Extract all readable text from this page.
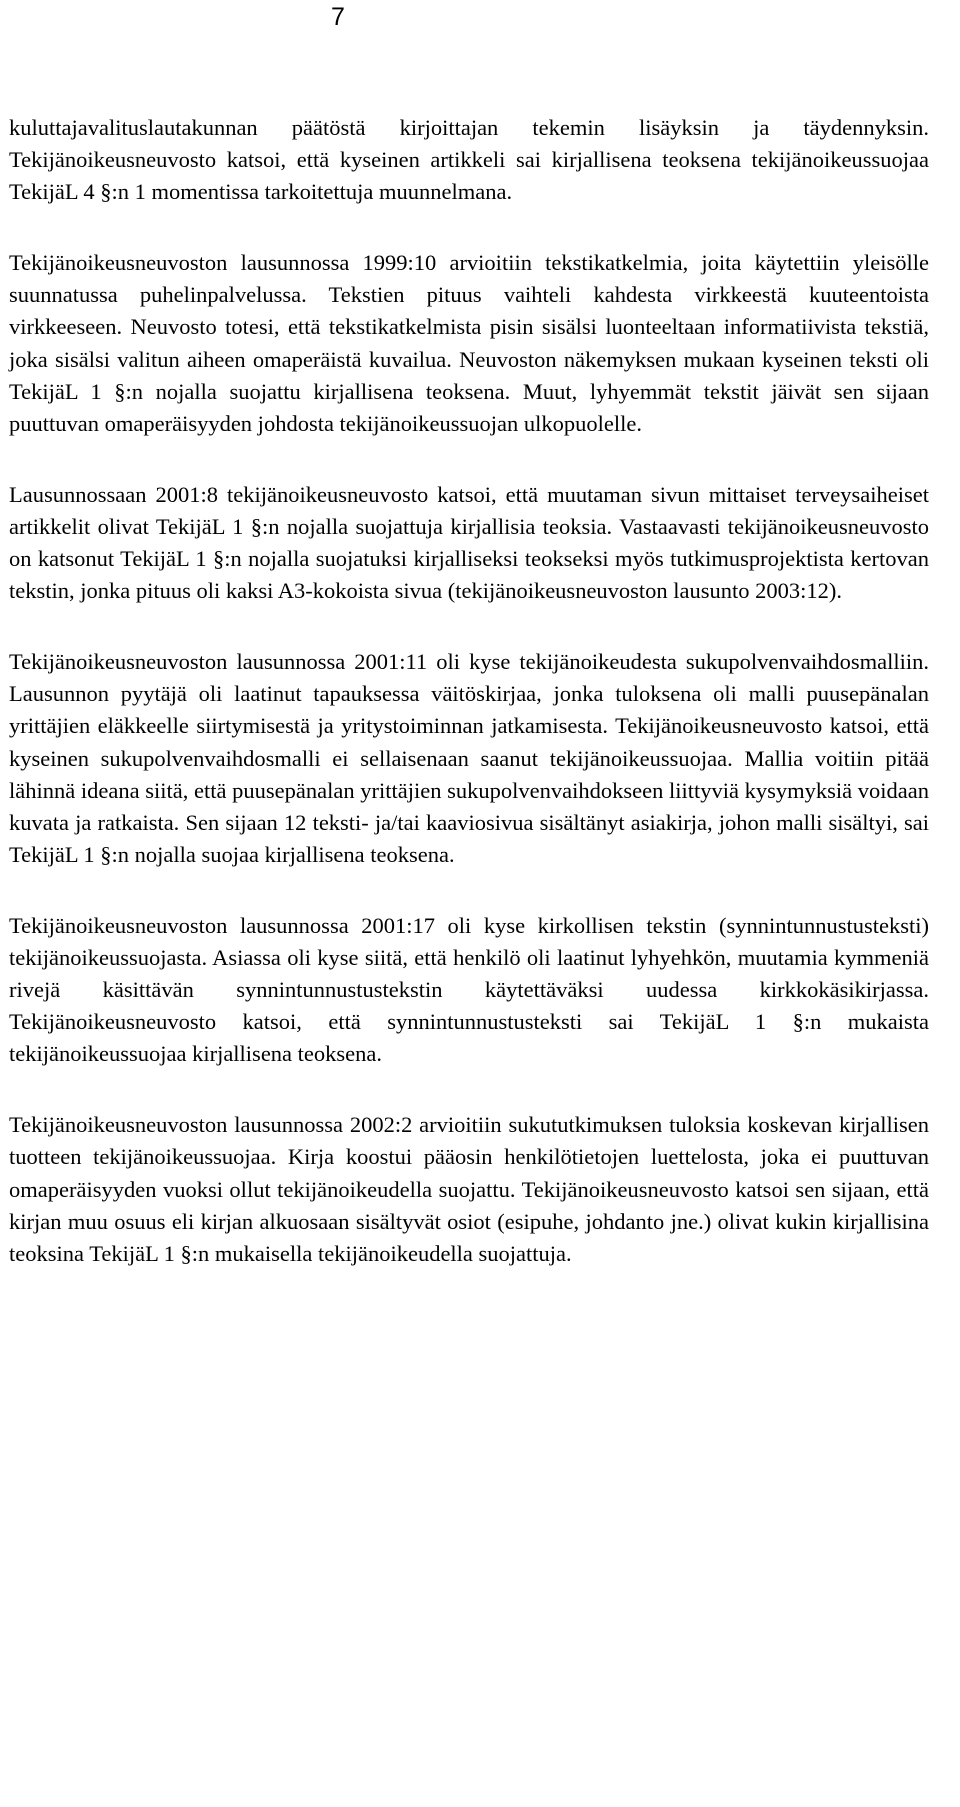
7

kuluttajavalituslautakunnan päätöstä kirjoittajan tekemin lisäyksin ja täydennyksin. Tekijänoikeusneuvosto katsoi, että kyseinen artikkeli sai kirjallisena teoksena tekijänoikeussuojaa TekijäL 4 §:n 1 momentissa tarkoitettuja muunnelmana.

Tekijänoikeusneuvoston lausunnossa 1999:10 arvioitiin tekstikatkelmia, joita käytettiin yleisölle suunnatussa puhelinpalvelussa. Tekstien pituus vaihteli kahdesta virkkeestä kuuteentoista virkkeeseen. Neuvosto totesi, että tekstikatkelmista pisin sisälsi luonteeltaan informatiivista tekstiä, joka sisälsi valitun aiheen omaperäistä kuvailua. Neuvoston näkemyksen mukaan kyseinen teksti oli TekijäL 1 §:n nojalla suojattu kirjallisena teoksena. Muut, lyhyemmät tekstit jäivät sen sijaan puuttuvan omaperäisyyden johdosta tekijänoikeussuojan ulkopuolelle.

Lausunnossaan 2001:8 tekijänoikeusneuvosto katsoi, että muutaman sivun mittaiset terveysaiheiset artikkelit olivat TekijäL 1 §:n nojalla suojattuja kirjallisia teoksia. Vastaavasti tekijänoikeusneuvosto on katsonut TekijäL 1 §:n nojalla suojatuksi kirjalliseksi teokseksi myös tutkimusprojektista kertovan tekstin, jonka pituus oli kaksi A3-kokoista sivua (tekijänoikeusneuvoston lausunto 2003:12).

Tekijänoikeusneuvoston lausunnossa 2001:11 oli kyse tekijänoikeudesta sukupolvenvaihdosmalliin. Lausunnon pyytäjä oli laatinut tapauksessa väitöskirjaa, jonka tuloksena oli malli puusepänalan yrittäjien eläkkeelle siirtymisestä ja yritystoiminnan jatkamisesta. Tekijänoikeusneuvosto katsoi, että kyseinen sukupolvenvaihdosmalli ei sellaisenaan saanut tekijänoikeussuojaa. Mallia voitiin pitää lähinnä ideana siitä, että puusepänalan yrittäjien sukupolvenvaihdokseen liittyviä kysymyksiä voidaan kuvata ja ratkaista. Sen sijaan 12 teksti- ja/tai kaaviosivua sisältänyt asiakirja, johon malli sisältyi, sai TekijäL 1 §:n nojalla suojaa kirjallisena teoksena.

Tekijänoikeusneuvoston lausunnossa 2001:17 oli kyse kirkollisen tekstin (synnintunnustusteksti) tekijänoikeussuojasta. Asiassa oli kyse siitä, että henkilö oli laatinut lyhyehkön, muutamia kymmeniä rivejä käsittävän synnintunnustustekstin käytettäväksi uudessa kirkkokäsikirjassa. Tekijänoikeusneuvosto katsoi, että synnintunnustusteksti sai TekijäL 1 §:n mukaista tekijänoikeussuojaa kirjallisena teoksena.

Tekijänoikeusneuvoston lausunnossa 2002:2 arvioitiin sukututkimuksen tuloksia koskevan kirjallisen tuotteen tekijänoikeussuojaa. Kirja koostui pääosin henkilötietojen luettelosta, joka ei puuttuvan omaperäisyyden vuoksi ollut tekijänoikeudella suojattu. Tekijänoikeusneuvosto katsoi sen sijaan, että kirjan muu osuus eli kirjan alkuosaan sisältyvät osiot (esipuhe, johdanto jne.) olivat kukin kirjallisina teoksina TekijäL 1 §:n mukaisella tekijänoikeudella suojattuja.
